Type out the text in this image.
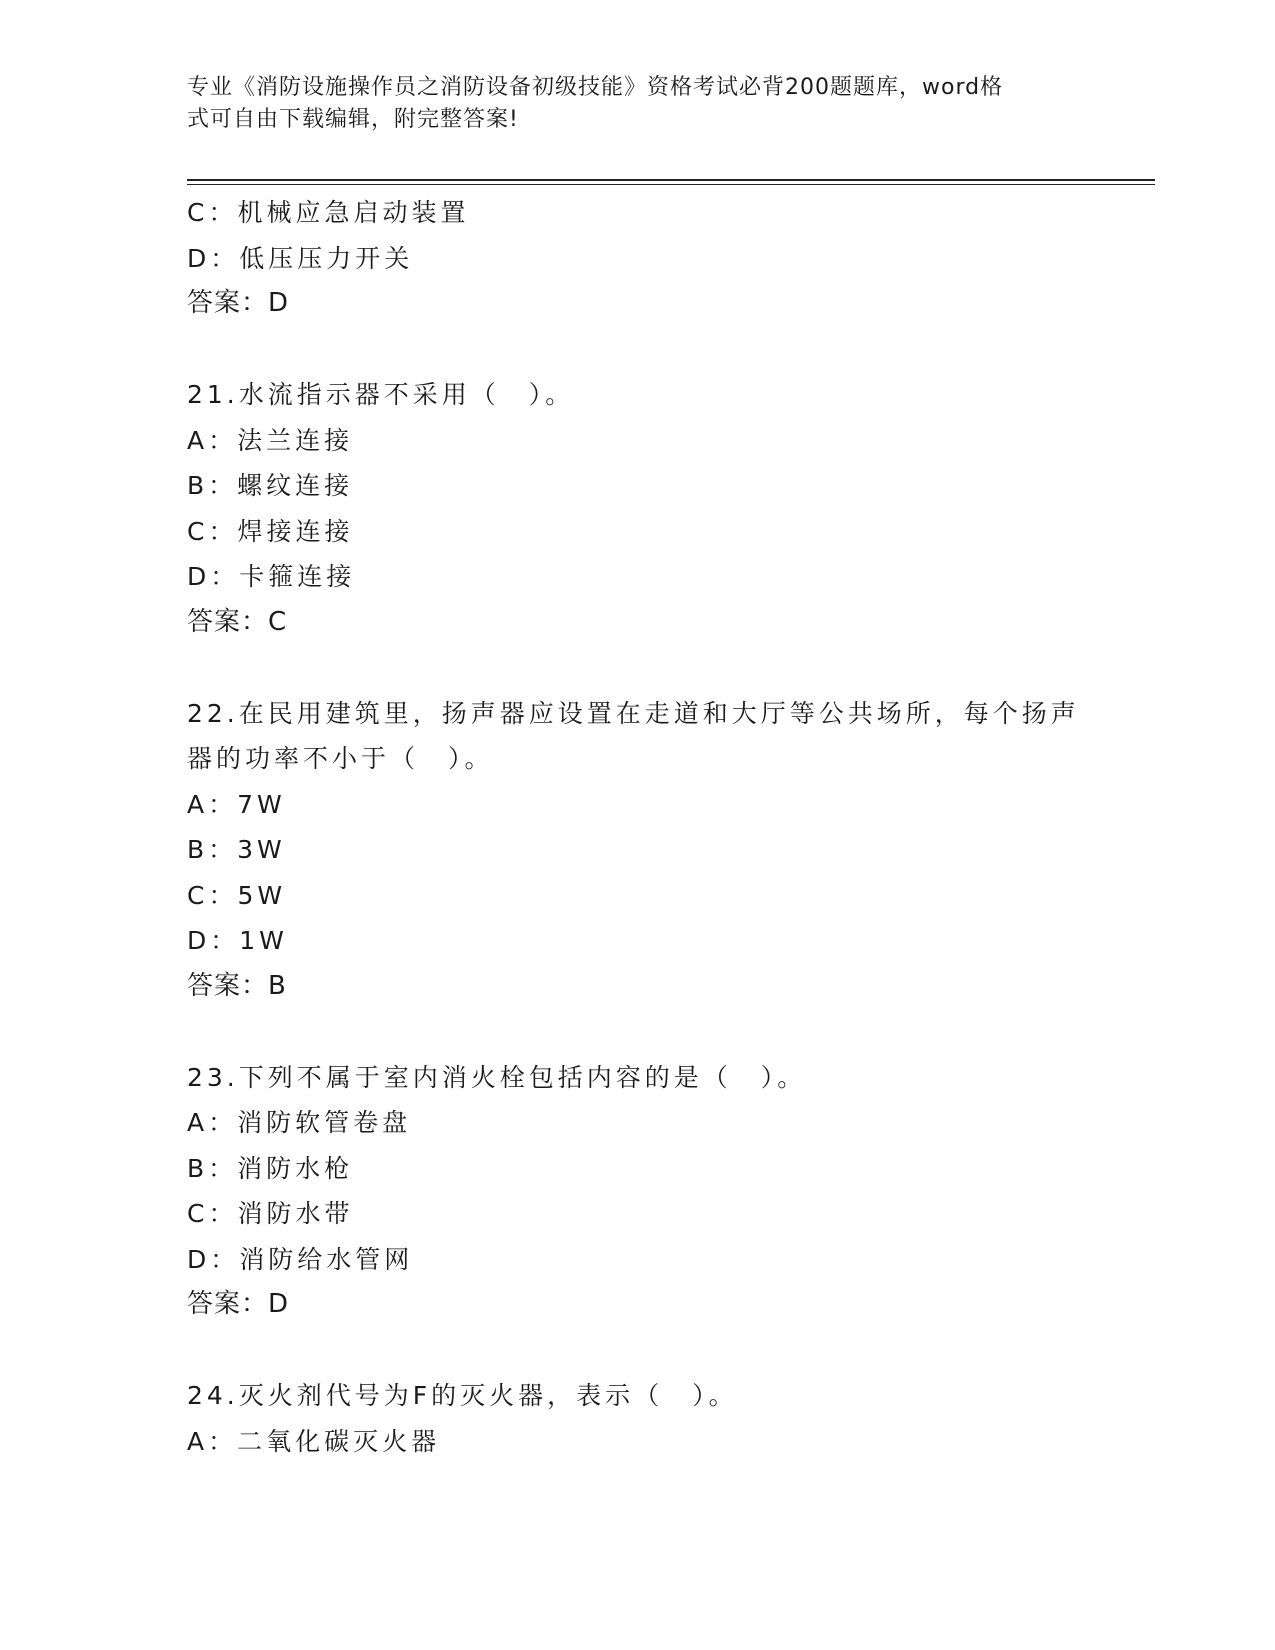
专业《消防设施操作员之消防设备初级技能》资格考试必背200题题库，word格
式可自由下载编辑，附完整答案!
C：机械应急启动装置
D：低压压力开关
答案：D
21.水流指示器不采用（　）。
A：法兰连接
B：螺纹连接
C：焊接连接
D：卡箍连接
答案：C
22.在民用建筑里，扬声器应设置在走道和大厅等公共场所，每个扬声
器的功率不小于（　）。
A：7W
B：3W
C：5W
D：1W
答案：B
23.下列不属于室内消火栓包括内容的是（　）。
A：消防软管卷盘
B：消防水枪
C：消防水带
D：消防给水管网
答案：D
24.灭火剂代号为F的灭火器，表示（　）。
A：二氧化碳灭火器
